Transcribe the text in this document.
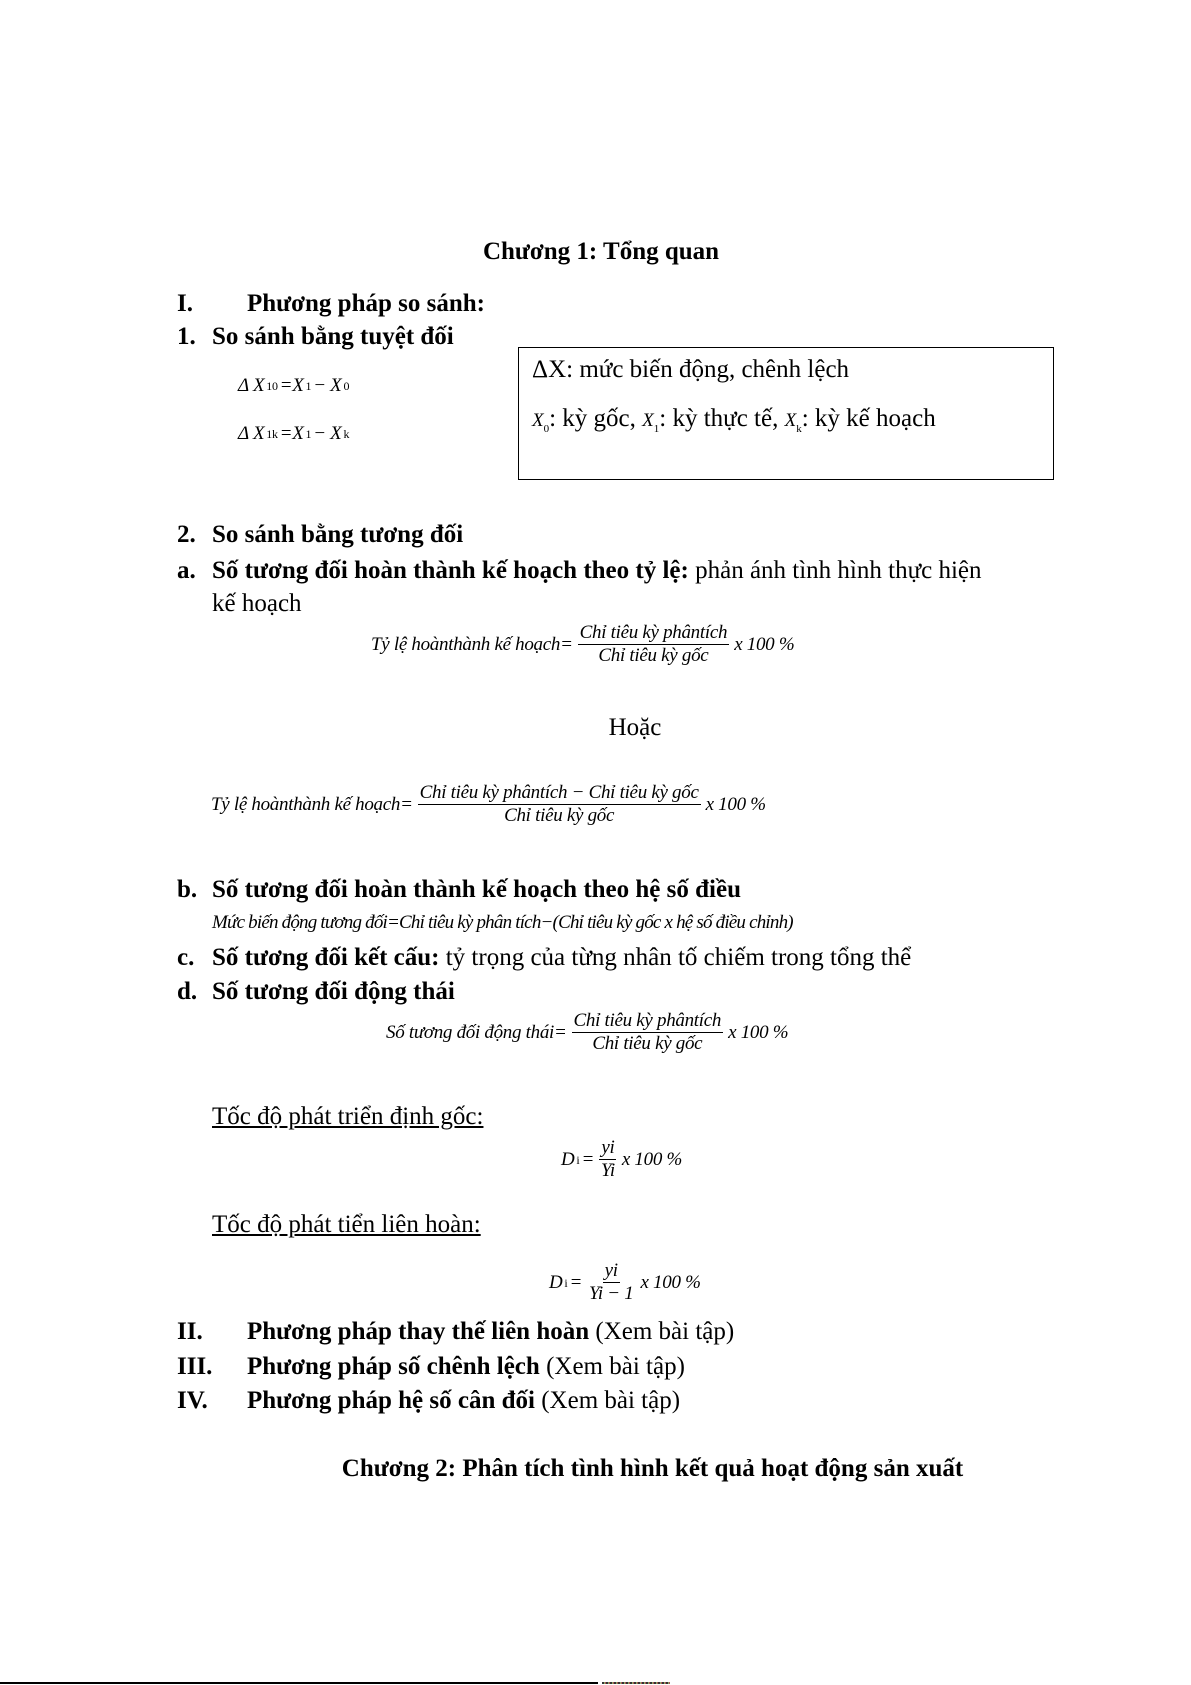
Chương 1: Tổng quan
I. Phương pháp so sánh:
1. So sánh bằng tuyệt đối
Δ X 10 =X 1 − X 0
Δ X 1k =X 1 − X k
ΔX: mức biến động, chênh lệch
$X_0$: kỳ gốc, $X_1$: kỳ thực tế, $X_k$: kỳ kế hoạch
2. So sánh bằng tương đối
a. Số tương đối hoàn thành kế hoạch theo tỷ lệ: phản ánh tình hình thực hiện
kế hoạch
Tỷ lệ hoànthành kế hoạch= $\frac{\text{Chỉ tiêu kỳ phântích}}{\text{Chỉ tiêu kỳ gốc}}$ x 100 %
Hoặc
Tỷ lệ hoànthành kế hoạch= $\frac{\text{Chỉ tiêu kỳ phântích − Chỉ tiêu kỳ gốc}}{\text{Chỉ tiêu kỳ gốc}}$ x 100 %
b. Số tương đối hoàn thành kế hoạch theo hệ số điều
Mức biến động tương đối=Chỉ tiêu kỳ phân tích−(Chỉ tiêu kỳ gốc x hệ số điều chỉnh)
c. Số tương đối kết cấu: tỷ trọng của từng nhân tố chiếm trong tổng thể
d. Số tương đối động thái
Số tương đối động thái= $\frac{\text{Chỉ tiêu kỳ phântích}}{\text{Chỉ tiêu kỳ gốc}}$ x 100 %
Tốc độ phát triển định gốc:
D $i = \frac{yi}{Yi}$ x 100 %
Tốc độ phát tiển liên hoàn:
D $i = \frac{yi}{Yi - 1}$ x 100 %
II. Phương pháp thay thế liên hoàn (Xem bài tập)
III. Phương pháp số chênh lệch (Xem bài tập)
IV. Phương pháp hệ số cân đối (Xem bài tập)
Chương 2: Phân tích tình hình kết quả hoạt động sản xuất
